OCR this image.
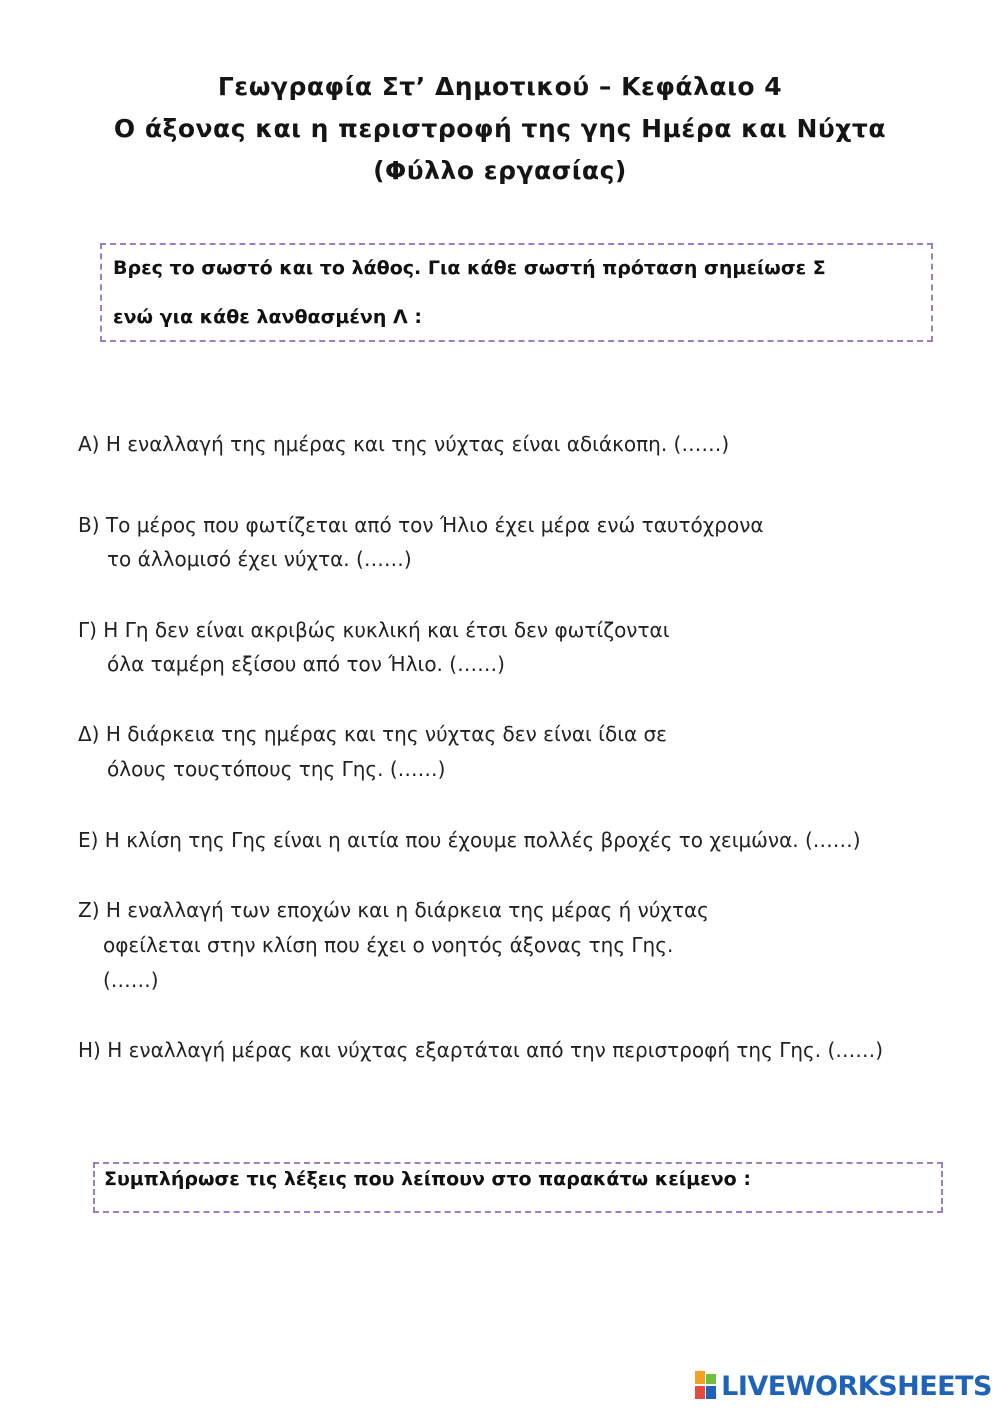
Γεωγραφία Στ’ Δημοτικού – Κεφάλαιο 4
Ο άξονας και η περιστροφή της γης Ημέρα και Νύχτα
(Φύλλο εργασίας)
Βρες το σωστό και το λάθος. Για κάθε σωστή πρόταση σημείωσε Σ
ενώ για κάθε λανθασμένη Λ :
Α) Η εναλλαγή της ημέρας και της νύχτας είναι αδιάκοπη. (……)
Β) Το μέρος που φωτίζεται από τον Ήλιο έχει μέρα ενώ ταυτόχρονα
το άλλομισό έχει νύχτα. (……)
Γ) Η Γη δεν είναι ακριβώς κυκλική και έτσι δεν φωτίζονται
όλα ταμέρη εξίσου από τον Ήλιο. (……)
Δ) Η διάρκεια της ημέρας και της νύχτας δεν είναι ίδια σε
όλους τουςτόπους της Γης. (……)
Ε) Η κλίση της Γης είναι η αιτία που έχουμε πολλές βροχές το χειμώνα. (……)
Ζ) Η εναλλαγή των εποχών και η διάρκεια της μέρας ή νύχτας
οφείλεται στην κλίση που έχει ο νοητός άξονας της Γης.
(……)
Η) Η εναλλαγή μέρας και νύχτας εξαρτάται από την περιστροφή της Γης. (……)
Συμπλήρωσε τις λέξεις που λείπουν στο παρακάτω κείμενο :
LIVE WORKSHEETS
